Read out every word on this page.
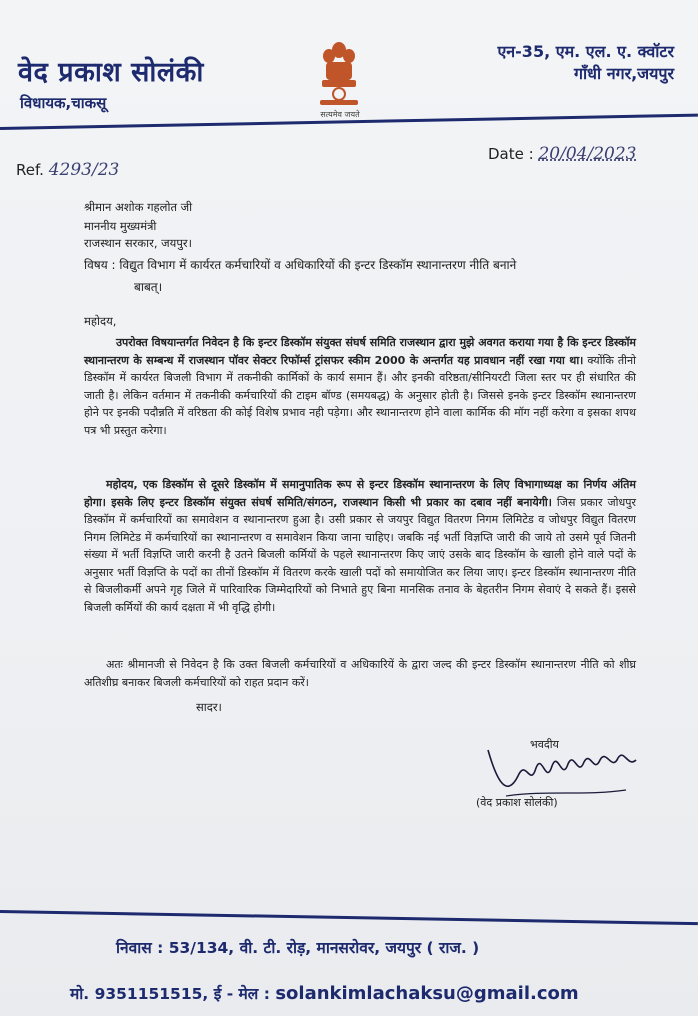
वेद प्रकाश सोलंकी
विधायक,चाकसू
सत्यमेव जयते
एन-35, एम. एल. ए. क्वॉटर
गाँधी नगर,जयपुर
Ref. 4293/23
Date : 20/04/2023
श्रीमान अशोक गहलोत जी
माननीय मुख्यमंत्री
राजस्थान सरकार, जयपुर।
विषय : विद्युत विभाग में कार्यरत कर्मचारियों व अधिकारियों की इन्टर डिस्कॉम स्थानान्तरण नीति बनाने
बाबत्।
महोदय,
उपरोक्त विषयान्तर्गत निवेदन है कि इन्टर डिस्कॉम संयुक्त संघर्ष समिति राजस्थान द्वारा मुझे अवगत कराया गया है कि इन्टर डिस्कॉम स्थानान्तरण के सम्बन्ध में राजस्थान पॉवर सेक्टर रिफॉर्म्स ट्रांसफर स्कीम 2000 के अन्तर्गत यह प्रावधान नहीं रखा गया था। क्योंकि तीनो डिस्कॉम में कार्यरत बिजली विभाग में तकनीकी कार्मिकों के कार्य समान हैं। और इनकी वरिष्ठता/सीनियरटी जिला स्तर पर ही संधारित की जाती है। लेकिन वर्तमान में तकनीकी कर्मचारियों की टाइम बॉण्ड (समयबद्ध) के अनुसार होती है। जिससे इनके इन्टर डिस्कॉम स्थानान्तरण होने पर इनकी पदौन्नति में वरिष्ठता की कोई विशेष प्रभाव नही पड़ेगा। और स्थानान्तरण होने वाला कार्मिक की मॉग नहीं करेगा व इसका शपथ पत्र भी प्रस्तुत करेगा।
महोदय, एक डिस्कॉम से दूसरे डिस्कॉम में समानुपातिक रूप से इन्टर डिस्कॉम स्थानान्तरण के लिए विभागाध्यक्ष का निर्णय अंतिम होगा। इसके लिए इन्टर डिस्कॉम संयुक्त संघर्ष समिति/संगठन, राजस्थान किसी भी प्रकार का दबाव नहीं बनायेगी। जिस प्रकार जोधपुर डिस्कॉम में कर्मचारियों का समावेशन व स्थानान्तरण हुआ है। उसी प्रकार से जयपुर विद्युत वितरण निगम लिमिटेड व जोधपुर विद्युत वितरण निगम लिमिटेड में कर्मचारियों का स्थानान्तरण व समावेशन किया जाना चाहिए। जबकि नई भर्ती विज्ञप्ति जारी की जाये तो उसमे पूर्व जितनी संख्या में भर्ती विज्ञप्ति जारी करनी है उतने बिजली कर्मियों के पहले स्थानान्तरण किए जाएं उसके बाद डिस्कॉम के खाली होने वाले पदों के अनुसार भर्ती विज्ञप्ति के पदों का तीनों डिस्कॉम में वितरण करके खाली पदों को समायोजित कर लिया जाए। इन्टर डिस्कॉम स्थानान्तरण नीति से बिजलीकर्मी अपने गृह जिले में पारिवारिक जिम्मेदारियों को निभाते हुए बिना मानसिक तनाव के बेहतरीन निगम सेवाएं दे सकते हैं। इससे बिजली कर्मियों की कार्य दक्षता में भी वृद्धि होगी।
अतः श्रीमानजी से निवेदन है कि उक्त बिजली कर्मचारियों व अधिकारियें के द्वारा जल्द की इन्टर डिस्कॉम स्थानान्तरण नीति को शीघ्र अतिशीघ्र बनाकर बिजली कर्मचारियों को राहत प्रदान करें।
सादर।
भवदीय
(वेद प्रकाश सोलंकी)
निवास : 53/134, वी. टी. रोड़, मानसरोवर, जयपुर ( राज. )
मो. 9351151515, ई - मेल : solankimlachaksu@gmail.com
